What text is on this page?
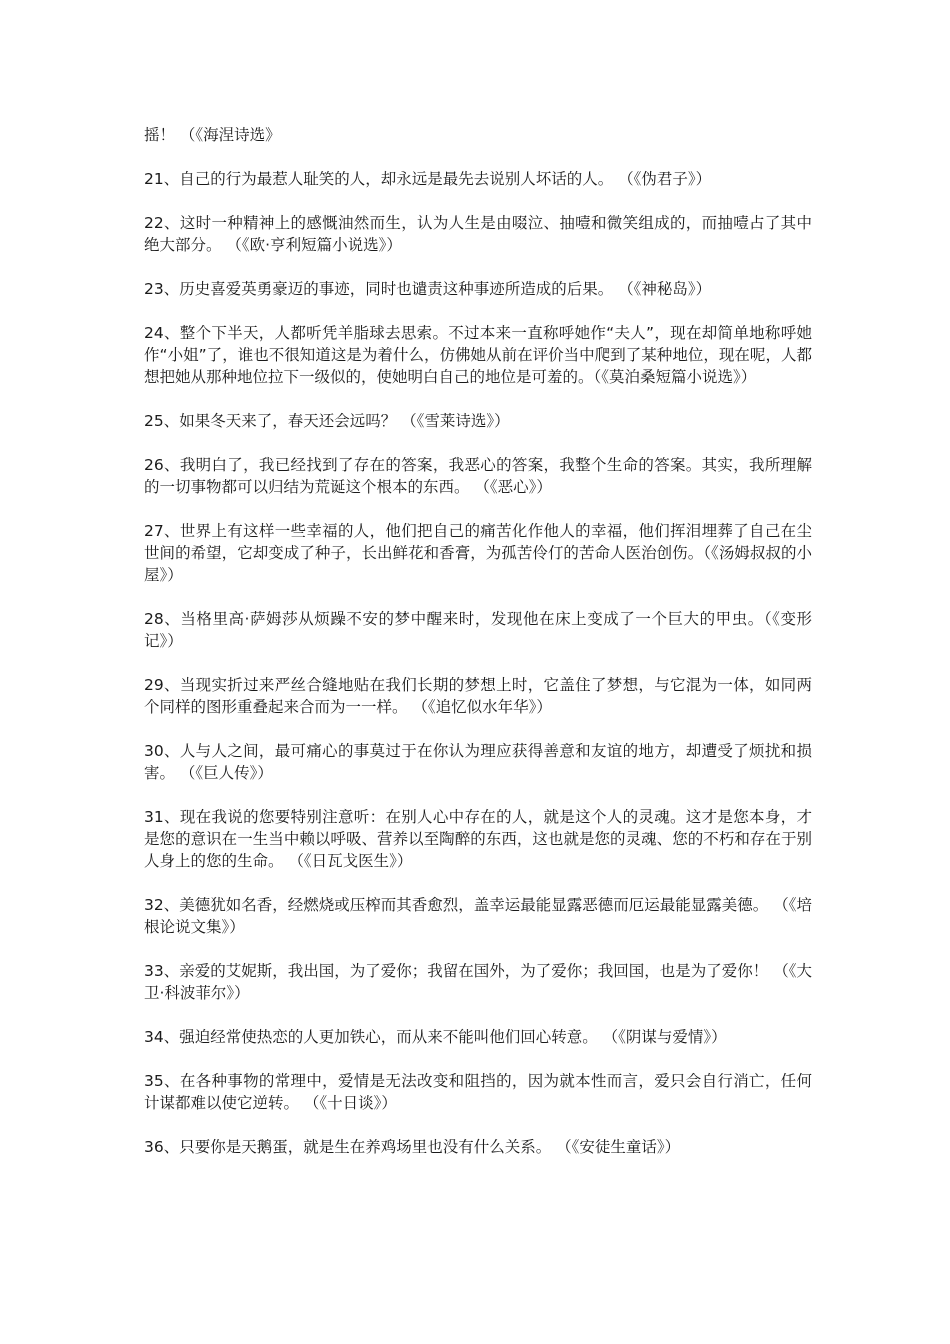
摇！ （《海涅诗选》

21、自己的行为最惹人耻笑的人，却永远是最先去说别人坏话的人。 （《伪君子》）

22、这时一种精神上的感慨油然而生，认为人生是由啜泣、抽噎和微笑组成的，而抽噎占了其中绝大部分。 （《欧·亨利短篇小说选》）

23、历史喜爱英勇豪迈的事迹，同时也谴责这种事迹所造成的后果。 （《神秘岛》）

24、整个下半天，人都听凭羊脂球去思索。不过本来一直称呼她作“夫人”，现在却简单地称呼她作“小姐”了，谁也不很知道这是为着什么，仿佛她从前在评价当中爬到了某种地位，现在呢，人都想把她从那种地位拉下一级似的，使她明白自己的地位是可羞的。（《莫泊桑短篇小说选》）

25、如果冬天来了，春天还会远吗？ （《雪莱诗选》）

26、我明白了，我已经找到了存在的答案，我恶心的答案，我整个生命的答案。其实，我所理解的一切事物都可以归结为荒诞这个根本的东西。 （《恶心》）

27、世界上有这样一些幸福的人，他们把自己的痛苦化作他人的幸福，他们挥泪埋葬了自己在尘世间的希望，它却变成了种子，长出鲜花和香膏，为孤苦伶仃的苦命人医治创伤。（《汤姆叔叔的小屋》）

28、当格里高·萨姆莎从烦躁不安的梦中醒来时，发现他在床上变成了一个巨大的甲虫。（《变形记》）

29、当现实折过来严丝合缝地贴在我们长期的梦想上时，它盖住了梦想，与它混为一体，如同两个同样的图形重叠起来合而为一一样。 （《追忆似水年华》）

30、人与人之间，最可痛心的事莫过于在你认为理应获得善意和友谊的地方，却遭受了烦扰和损害。 （《巨人传》）

31、现在我说的您要特别注意听：在别人心中存在的人，就是这个人的灵魂。这才是您本身，才是您的意识在一生当中赖以呼吸、营养以至陶醉的东西，这也就是您的灵魂、您的不朽和存在于别人身上的您的生命。 （《日瓦戈医生》）

32、美德犹如名香，经燃烧或压榨而其香愈烈，盖幸运最能显露恶德而厄运最能显露美德。 （《培根论说文集》）

33、亲爱的艾妮斯，我出国，为了爱你；我留在国外，为了爱你；我回国，也是为了爱你！ （《大卫·科波菲尔》）

34、强迫经常使热恋的人更加铁心，而从来不能叫他们回心转意。 （《阴谋与爱情》）

35、在各种事物的常理中，爱情是无法改变和阻挡的，因为就本性而言，爱只会自行消亡，任何计谋都难以使它逆转。 （《十日谈》）

36、只要你是天鹅蛋，就是生在养鸡场里也没有什么关系。 （《安徒生童话》）
